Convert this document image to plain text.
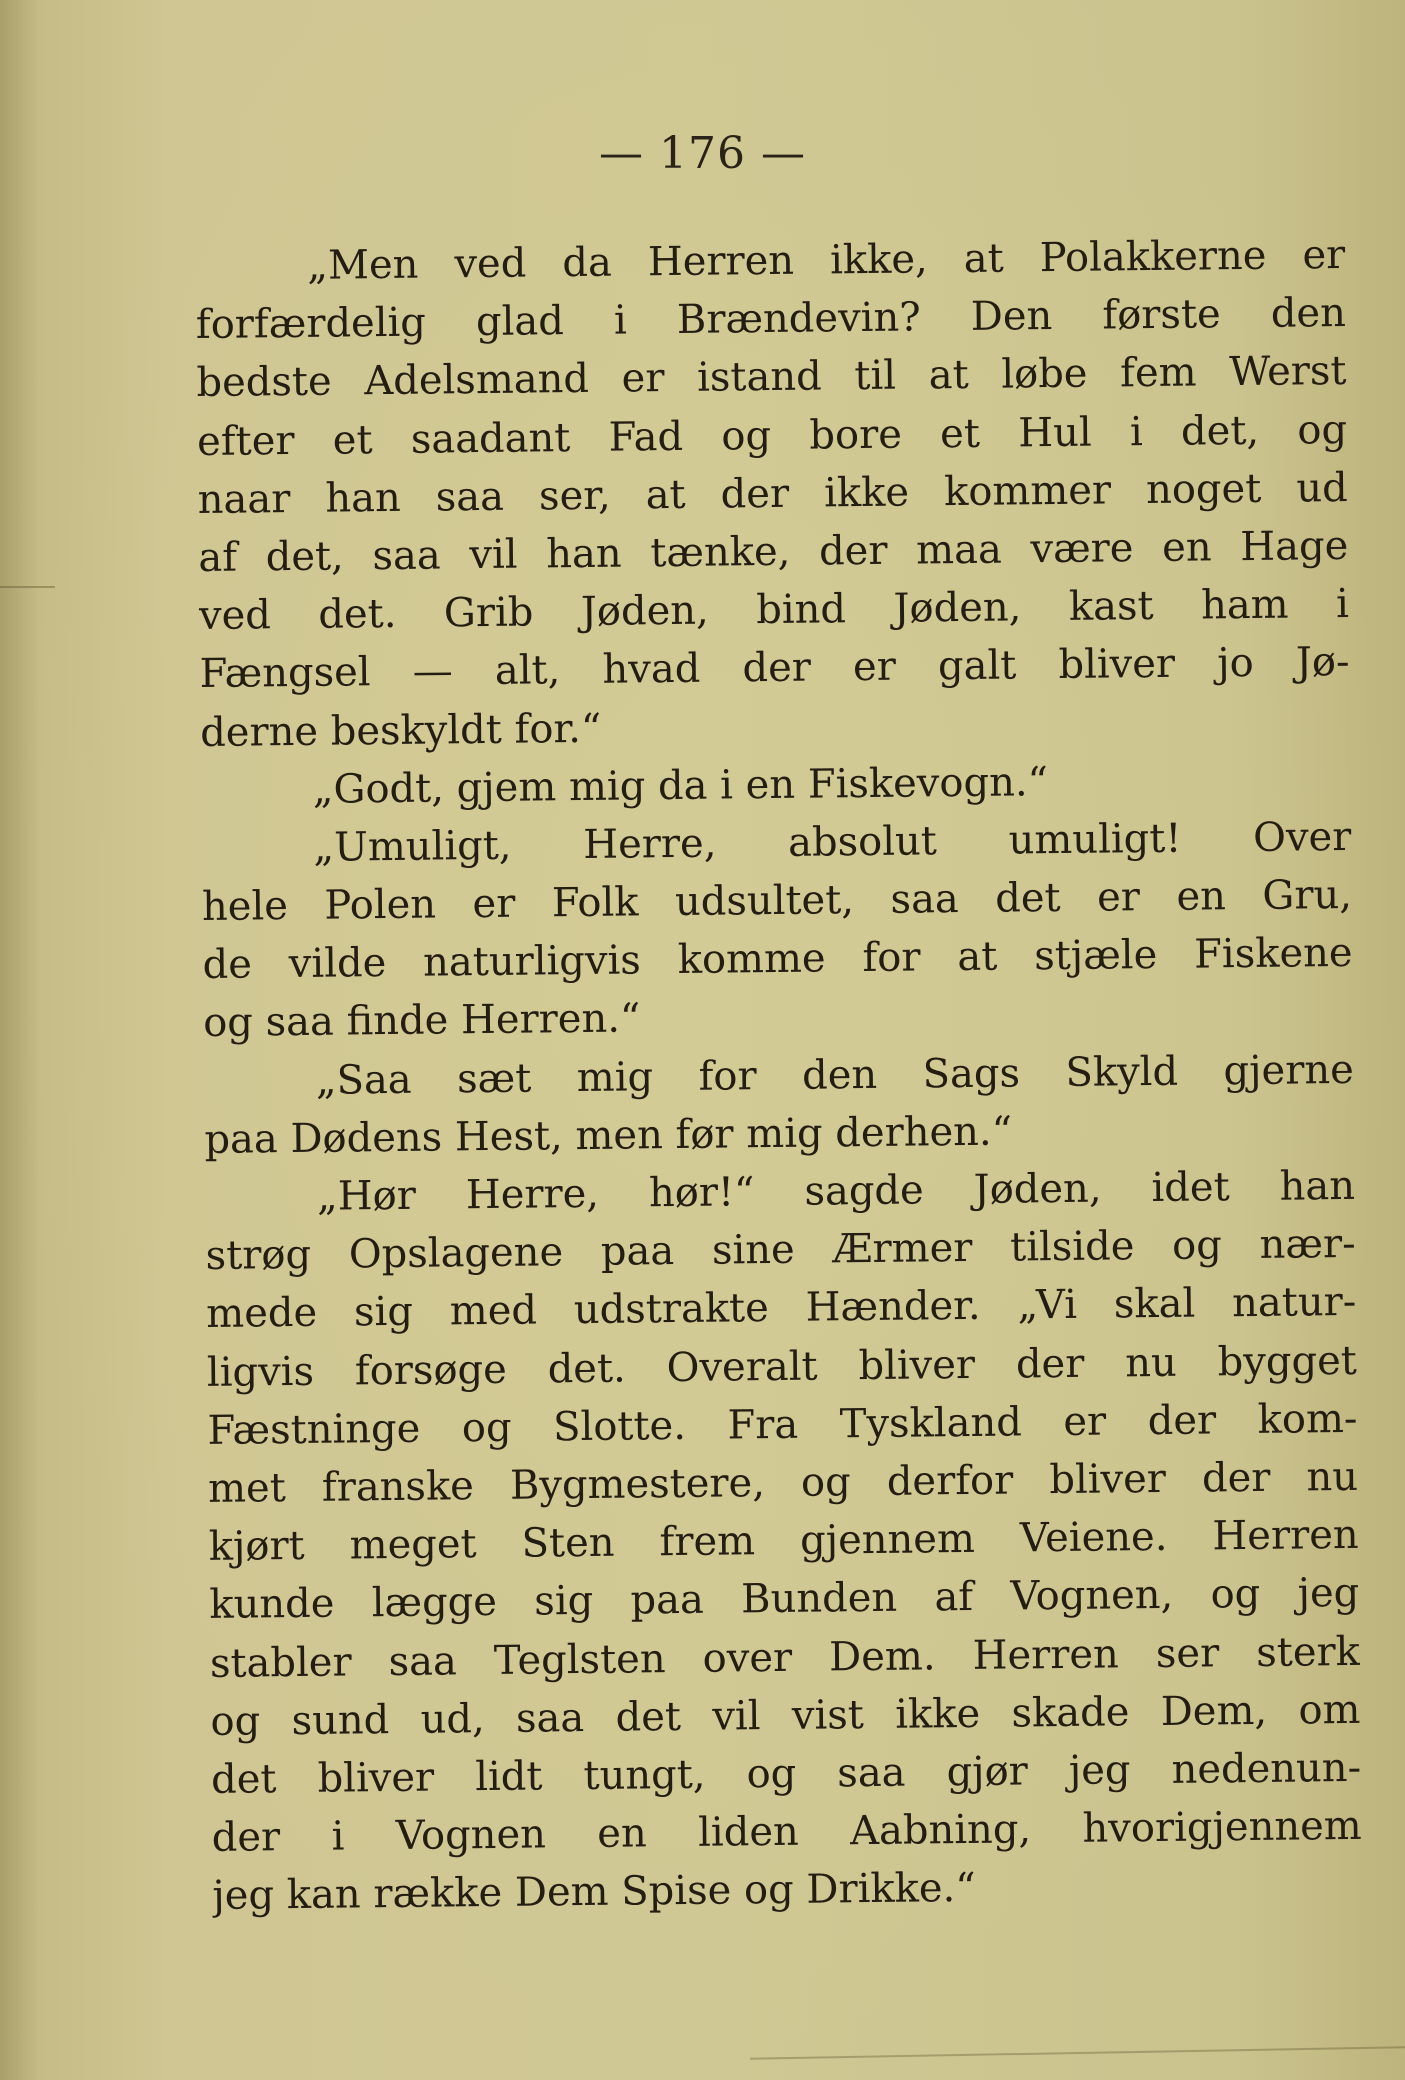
— 176 —
„Men ved da Herren ikke, at Polakkerne er
forfærdelig glad i Brændevin? Den første den
bedste Adelsmand er istand til at løbe fem Werst
efter et saadant Fad og bore et Hul i det, og
naar han saa ser, at der ikke kommer noget ud
af det, saa vil han tænke, der maa være en Hage
ved det. Grib Jøden, bind Jøden, kast ham i
Fængsel — alt, hvad der er galt bliver jo Jø-
derne beskyldt for.“
„Godt, gjem mig da i en Fiskevogn.“
„Umuligt, Herre, absolut umuligt! Over
hele Polen er Folk udsultet, saa det er en Gru,
de vilde naturligvis komme for at stjæle Fiskene
og saa finde Herren.“
„Saa sæt mig for den Sags Skyld gjerne
paa Dødens Hest, men før mig derhen.“
„Hør Herre, hør!“ sagde Jøden, idet han
strøg Opslagene paa sine Ærmer tilside og nær-
mede sig med udstrakte Hænder. „Vi skal natur-
ligvis forsøge det. Overalt bliver der nu bygget
Fæstninge og Slotte. Fra Tyskland er der kom-
met franske Bygmestere, og derfor bliver der nu
kjørt meget Sten frem gjennem Veiene. Herren
kunde lægge sig paa Bunden af Vognen, og jeg
stabler saa Teglsten over Dem. Herren ser sterk
og sund ud, saa det vil vist ikke skade Dem, om
det bliver lidt tungt, og saa gjør jeg nedenun-
der i Vognen en liden Aabning, hvorigjennem
jeg kan række Dem Spise og Drikke.“
